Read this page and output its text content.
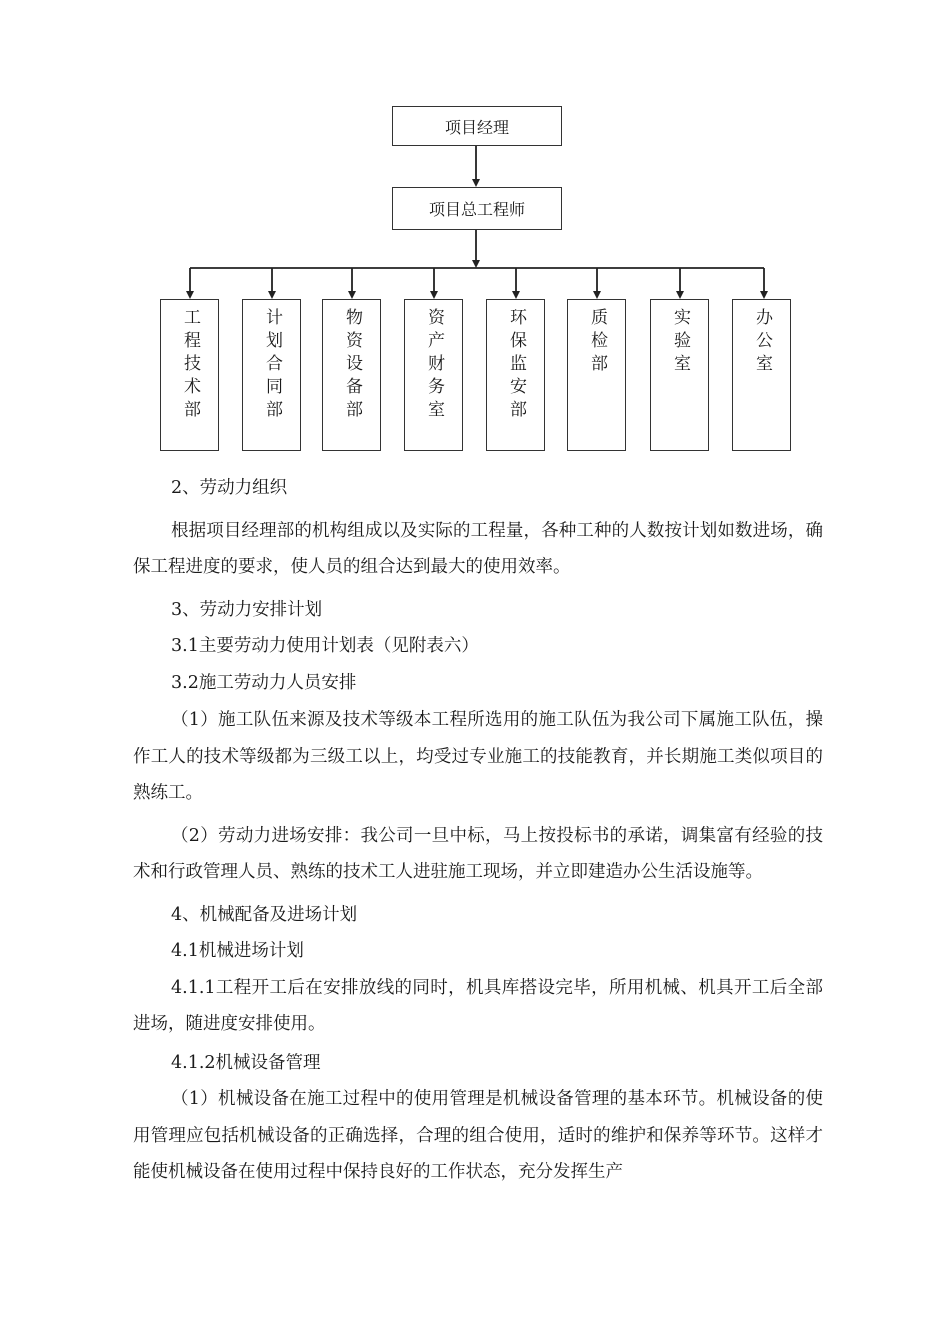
项目经理
项目总工程师
工程技术部	计划合同部	物资设备部	资产财务室	环保监安部	质检部	实验室	办公室

2、劳动力组织

根据项目经理部的机构组成以及实际的工程量，各种工种的人数按计划如数进场，确保工程进度的要求，使人员的组合达到最大的使用效率。

3、劳动力安排计划

3.1主要劳动力使用计划表（见附表六）

3.2施工劳动力人员安排

（1）施工队伍来源及技术等级本工程所选用的施工队伍为我公司下属施工队伍，操作工人的技术等级都为三级工以上，均受过专业施工的技能教育，并长期施工类似项目的熟练工。

（2）劳动力进场安排：我公司一旦中标，马上按投标书的承诺，调集富有经验的技术和行政管理人员、熟练的技术工人进驻施工现场，并立即建造办公生活设施等。

4、机械配备及进场计划

4.1机械进场计划

4.1.1工程开工后在安排放线的同时，机具库搭设完毕，所用机械、机具开工后全部进场，随进度安排使用。

4.1.2机械设备管理

（1）机械设备在施工过程中的使用管理是机械设备管理的基本环节。机械设备的使用管理应包括机械设备的正确选择，合理的组合使用，适时的维护和保养等环节。这样才能使机械设备在使用过程中保持良好的工作状态，充分发挥生产
